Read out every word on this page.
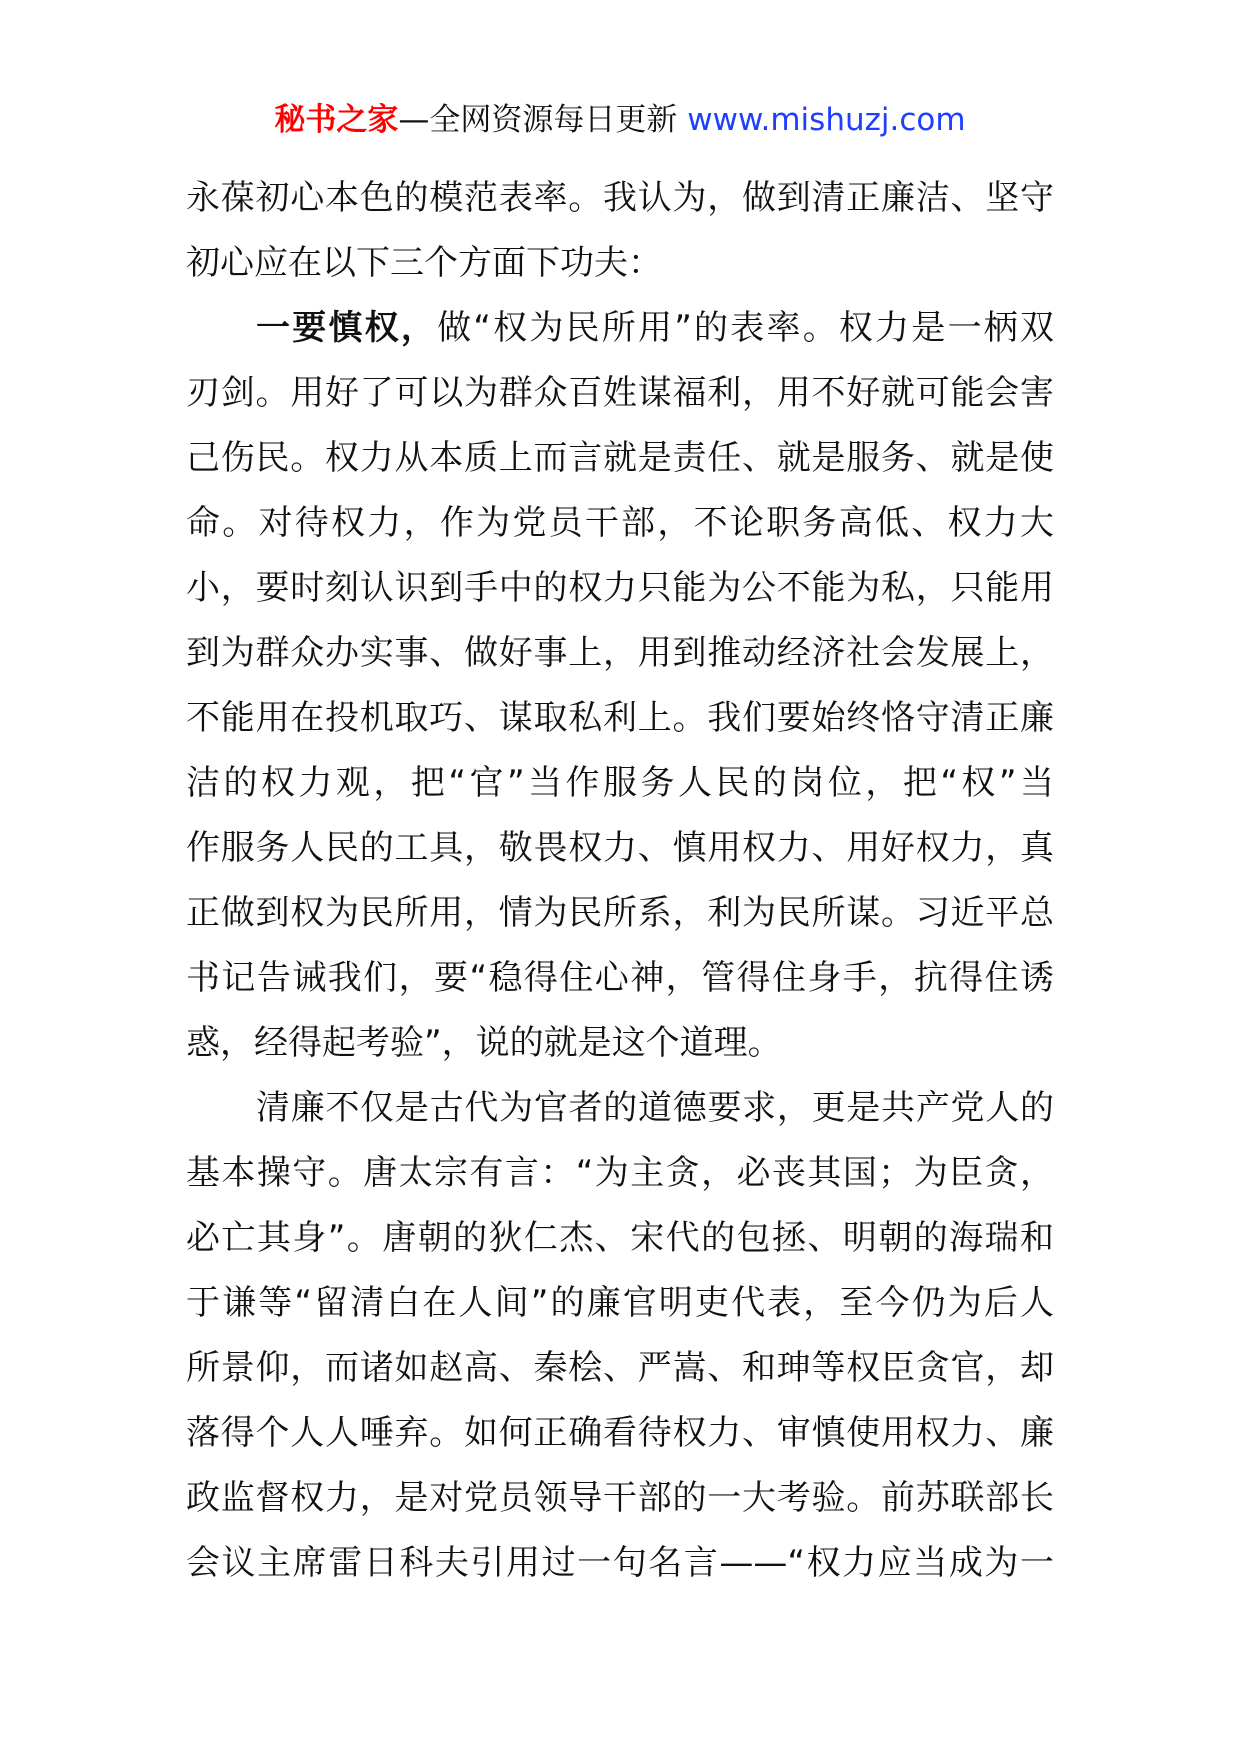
秘书之家—全网资源每日更新 www.mishuzj.com
永葆初心本色的模范表率。我认为，做到清正廉洁、坚守
初心应在以下三个方面下功夫：
一要慎权，做“权为民所用”的表率。权力是一柄双
刃剑。用好了可以为群众百姓谋福利，用不好就可能会害
己伤民。权力从本质上而言就是责任、就是服务、就是使
命。对待权力，作为党员干部，不论职务高低、权力大
小，要时刻认识到手中的权力只能为公不能为私，只能用
到为群众办实事、做好事上，用到推动经济社会发展上，
不能用在投机取巧、谋取私利上。我们要始终恪守清正廉
洁的权力观，把“官”当作服务人民的岗位，把“权”当
作服务人民的工具，敬畏权力、慎用权力、用好权力，真
正做到权为民所用，情为民所系，利为民所谋。习近平总
书记告诫我们，要“稳得住心神，管得住身手，抗得住诱
惑，经得起考验”，说的就是这个道理。
清廉不仅是古代为官者的道德要求，更是共产党人的
基本操守。唐太宗有言：“为主贪，必丧其国；为臣贪，
必亡其身”。唐朝的狄仁杰、宋代的包拯、明朝的海瑞和
于谦等“留清白在人间”的廉官明吏代表，至今仍为后人
所景仰，而诸如赵高、秦桧、严嵩、和珅等权臣贪官，却
落得个人人唾弃。如何正确看待权力、审慎使用权力、廉
政监督权力，是对党员领导干部的一大考验。前苏联部长
会议主席雷日科夫引用过一句名言——“权力应当成为一
